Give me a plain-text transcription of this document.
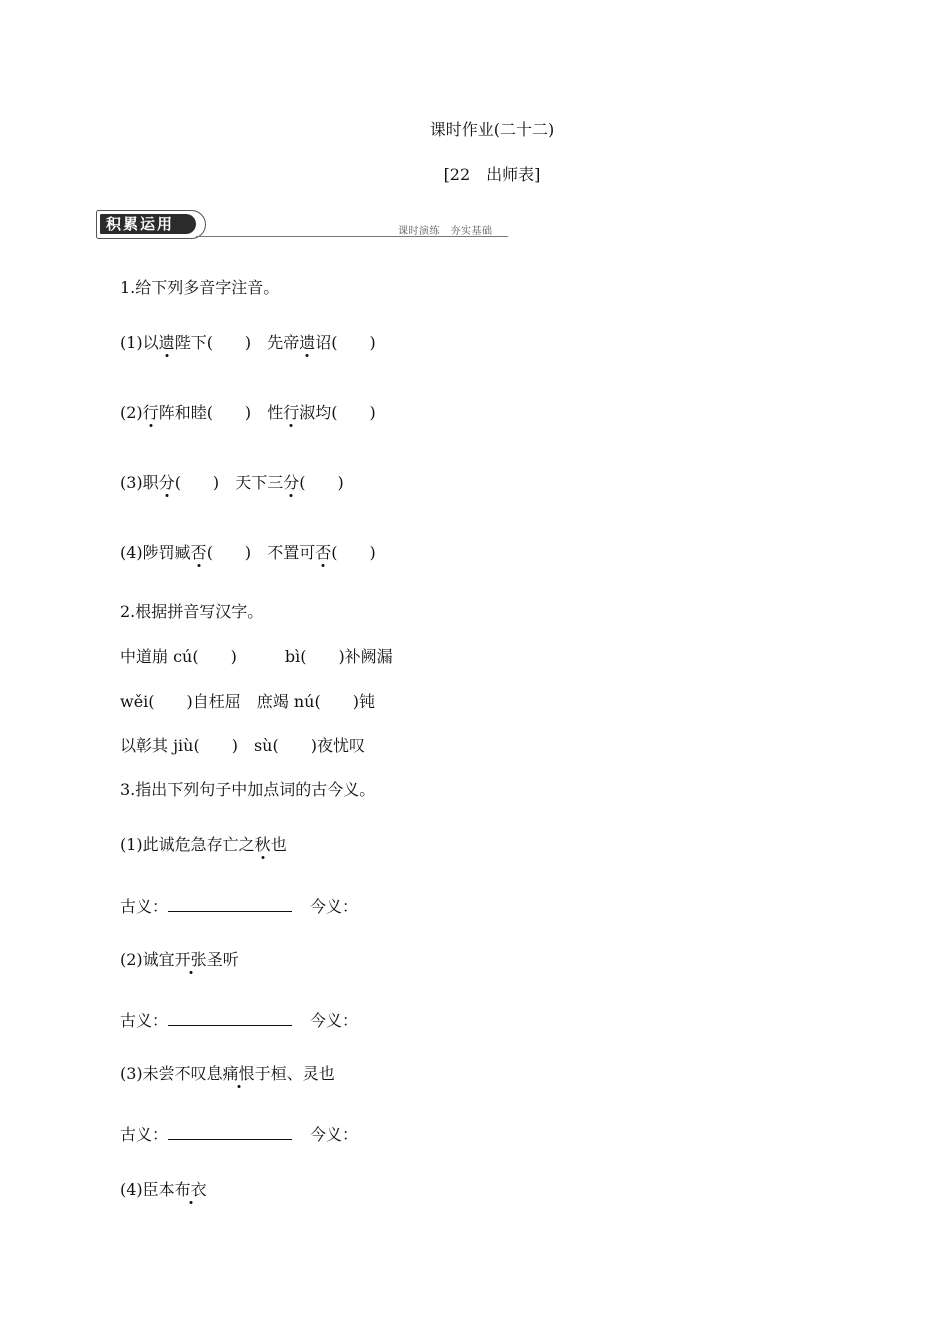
课时作业(二十二)
[22　出师表]
积累运用	课时演练　夯实基础
1.给下列多音字注音。
(1)以遗陛下(　　)　先帝遗诏(　　)
(2)行阵和睦(　　)　性行淑均(　　)
(3)职分(　　)　天下三分(　　)
(4)陟罚臧否(　　)　不置可否(　　)
2.根据拼音写汉字。
中道崩 cú(　　)　　　bì(　　)补阙漏
wěi(　　)自枉屈　庶竭 nú(　　)钝
以彰其 jiù(　　)　sù(　　)夜忧叹
3.指出下列句子中加点词的古今义。
(1)此诚危急存亡之秋也
古义：	今义：
(2)诚宜开张圣听
古义：	今义：
(3)未尝不叹息痛恨于桓、灵也
古义：	今义：
(4)臣本布衣
